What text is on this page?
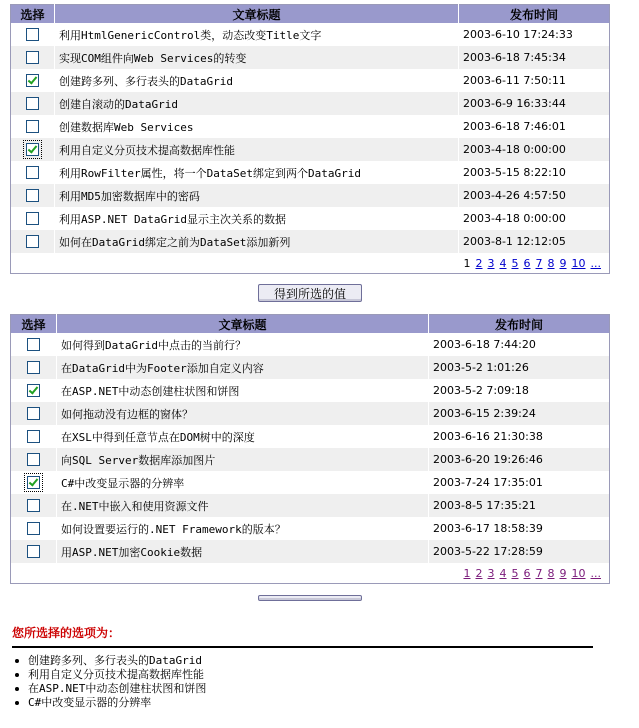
选择	文章标题	发布时间
	利用HtmlGenericControl类，动态改变Title文字	2003-6-10 17:24:33
	实现COM组件向Web Services的转变	2003-6-18 7:45:34
	创建跨多列、多行表头的DataGrid	2003-6-11 7:50:11
	创建自滚动的DataGrid	2003-6-9 16:33:44
	创建数据库Web Services	2003-6-18 7:46:01
	利用自定义分页技术提高数据库性能	2003-4-18 0:00:00
	利用RowFilter属性，将一个DataSet绑定到两个DataGrid	2003-5-15 8:22:10
	利用MD5加密数据库中的密码	2003-4-26 4:57:50
	利用ASP.NET DataGrid显示主次关系的数据	2003-4-18 0:00:00
	如何在DataGrid绑定之前为DataSet添加新列	2003-8-1 12:12:05
1 2 3 4 5 6 7 8 9 10 ...		
得到所选的值
选择	文章标题	发布时间
	如何得到DataGrid中点击的当前行？	2003-6-18 7:44:20
	在DataGrid中为Footer添加自定义内容	2003-5-2 1:01:26
	在ASP.NET中动态创建柱状图和饼图	2003-5-2 7:09:18
	如何拖动没有边框的窗体？	2003-6-15 2:39:24
	在XSL中得到任意节点在DOM树中的深度	2003-6-16 21:30:38
	向SQL Server数据库添加图片	2003-6-20 19:26:46
	C#中改变显示器的分辨率	2003-7-24 17:35:01
	在.NET中嵌入和使用资源文件	2003-8-5 17:35:21
	如何设置要运行的.NET Framework的版本？	2003-6-17 18:58:39
	用ASP.NET加密Cookie数据	2003-5-22 17:28:59
1 2 3 4 5 6 7 8 9 10 ...		
您所选择的选项为：
创建跨多列、多行表头的DataGrid
利用自定义分页技术提高数据库性能
在ASP.NET中动态创建柱状图和饼图
C#中改变显示器的分辨率
